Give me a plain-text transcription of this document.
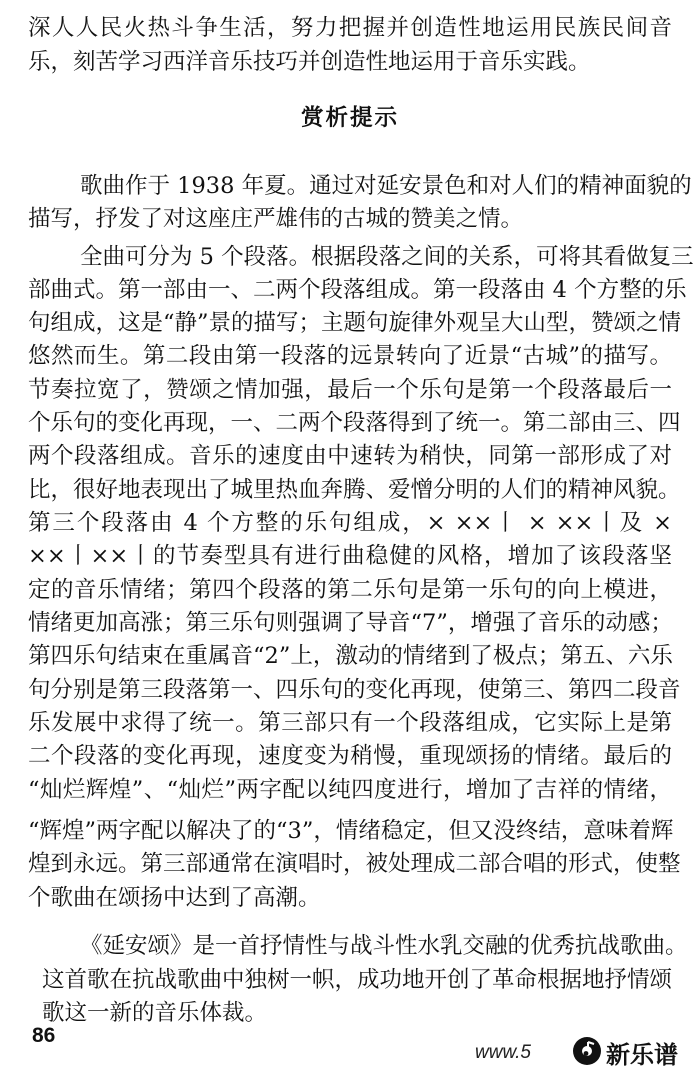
深人人民火热斗争生活，努力把握并创造性地运用民族民间音
乐，刻苦学习西洋音乐技巧并创造性地运用于音乐实践。
赏析提示
歌曲作于 1938 年夏。通过对延安景色和对人们的精神面貌的
描写，抒发了对这座庄严雄伟的古城的赞美之情。
全曲可分为 5 个段落。根据段落之间的关系，可将其看做复三
部曲式。第一部由一、二两个段落组成。第一段落由 4 个方整的乐
句组成，这是“静”景的描写；主题句旋律外观呈大山型，赞颂之情
悠然而生。第二段由第一段落的远景转向了近景“古城”的描写。
节奏拉宽了，赞颂之情加强，最后一个乐句是第一个段落最后一
个乐句的变化再现，一、二两个段落得到了统一。第二部由三、四
两个段落组成。音乐的速度由中速转为稍快，同第一部形成了对
比，很好地表现出了城里热血奔腾、爱憎分明的人们的精神风貌。
第三个段落由 4 个方整的乐句组成，× ××丨 × ××丨及 ×
××丨××丨的节奏型具有进行曲稳健的风格，增加了该段落坚
定的音乐情绪；第四个段落的第二乐句是第一乐句的向上模进，
情绪更加高涨；第三乐句则强调了导音“7”，增强了音乐的动感；
第四乐句结束在重属音“2”上，激动的情绪到了极点；第五、六乐
句分别是第三段落第一、四乐句的变化再现，使第三、第四二段音
乐发展中求得了统一。第三部只有一个段落组成，它实际上是第
二个段落的变化再现，速度变为稍慢，重现颂扬的情绪。最后的
“灿烂辉煌”、“灿烂”两字配以纯四度进行，增加了吉祥的情绪，
“辉煌”两字配以解决了的“3”，情绪稳定，但又没终结，意味着辉
煌到永远。第三部通常在演唱时，被处理成二部合唱的形式，使整
个歌曲在颂扬中达到了高潮。
《延安颂》是一首抒情性与战斗性水乳交融的优秀抗战歌曲。
这首歌在抗战歌曲中独树一帜，成功地开创了革命根据地抒情颂
歌这一新的音乐体裁。
86
www.5	新乐谱
